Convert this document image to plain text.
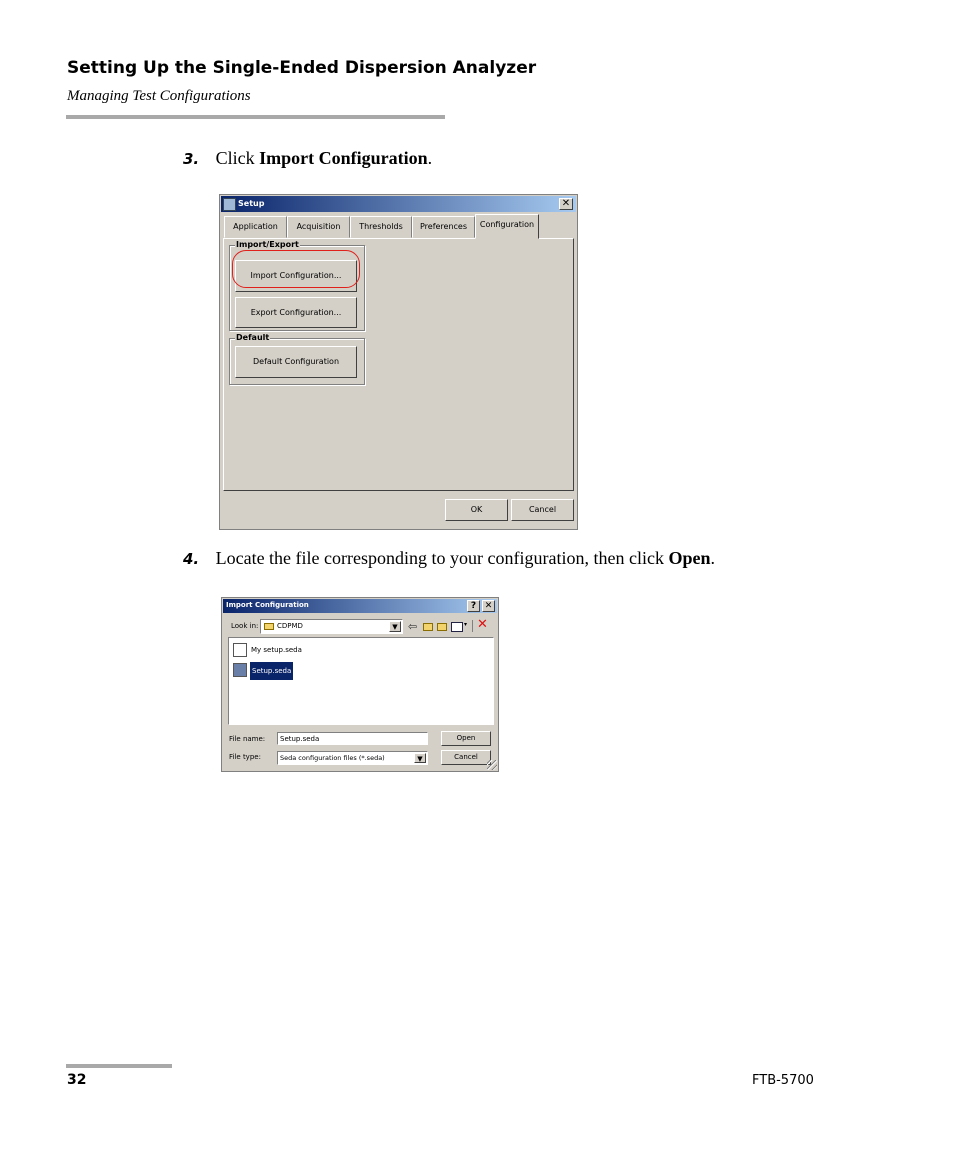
Setting Up the Single-Ended Dispersion Analyzer
Managing Test Configurations
3. Click Import Configuration.
Setup	✕
Application	Acquisition	Thresholds	Preferences	Configuration
Import/Export
Import Configuration...
Export Configuration...
Default
Default Configuration
OK	Cancel
4. Locate the file corresponding to your configuration, then click Open.
Import Configuration	? ✕
Look in:	CDPMD	▼ ⇦	▾ ✕
My setup.seda
Setup.seda
File name:	Setup.seda	Open
File type:	Seda configuration files (*.seda)	▼	Cancel
32	FTB-5700
